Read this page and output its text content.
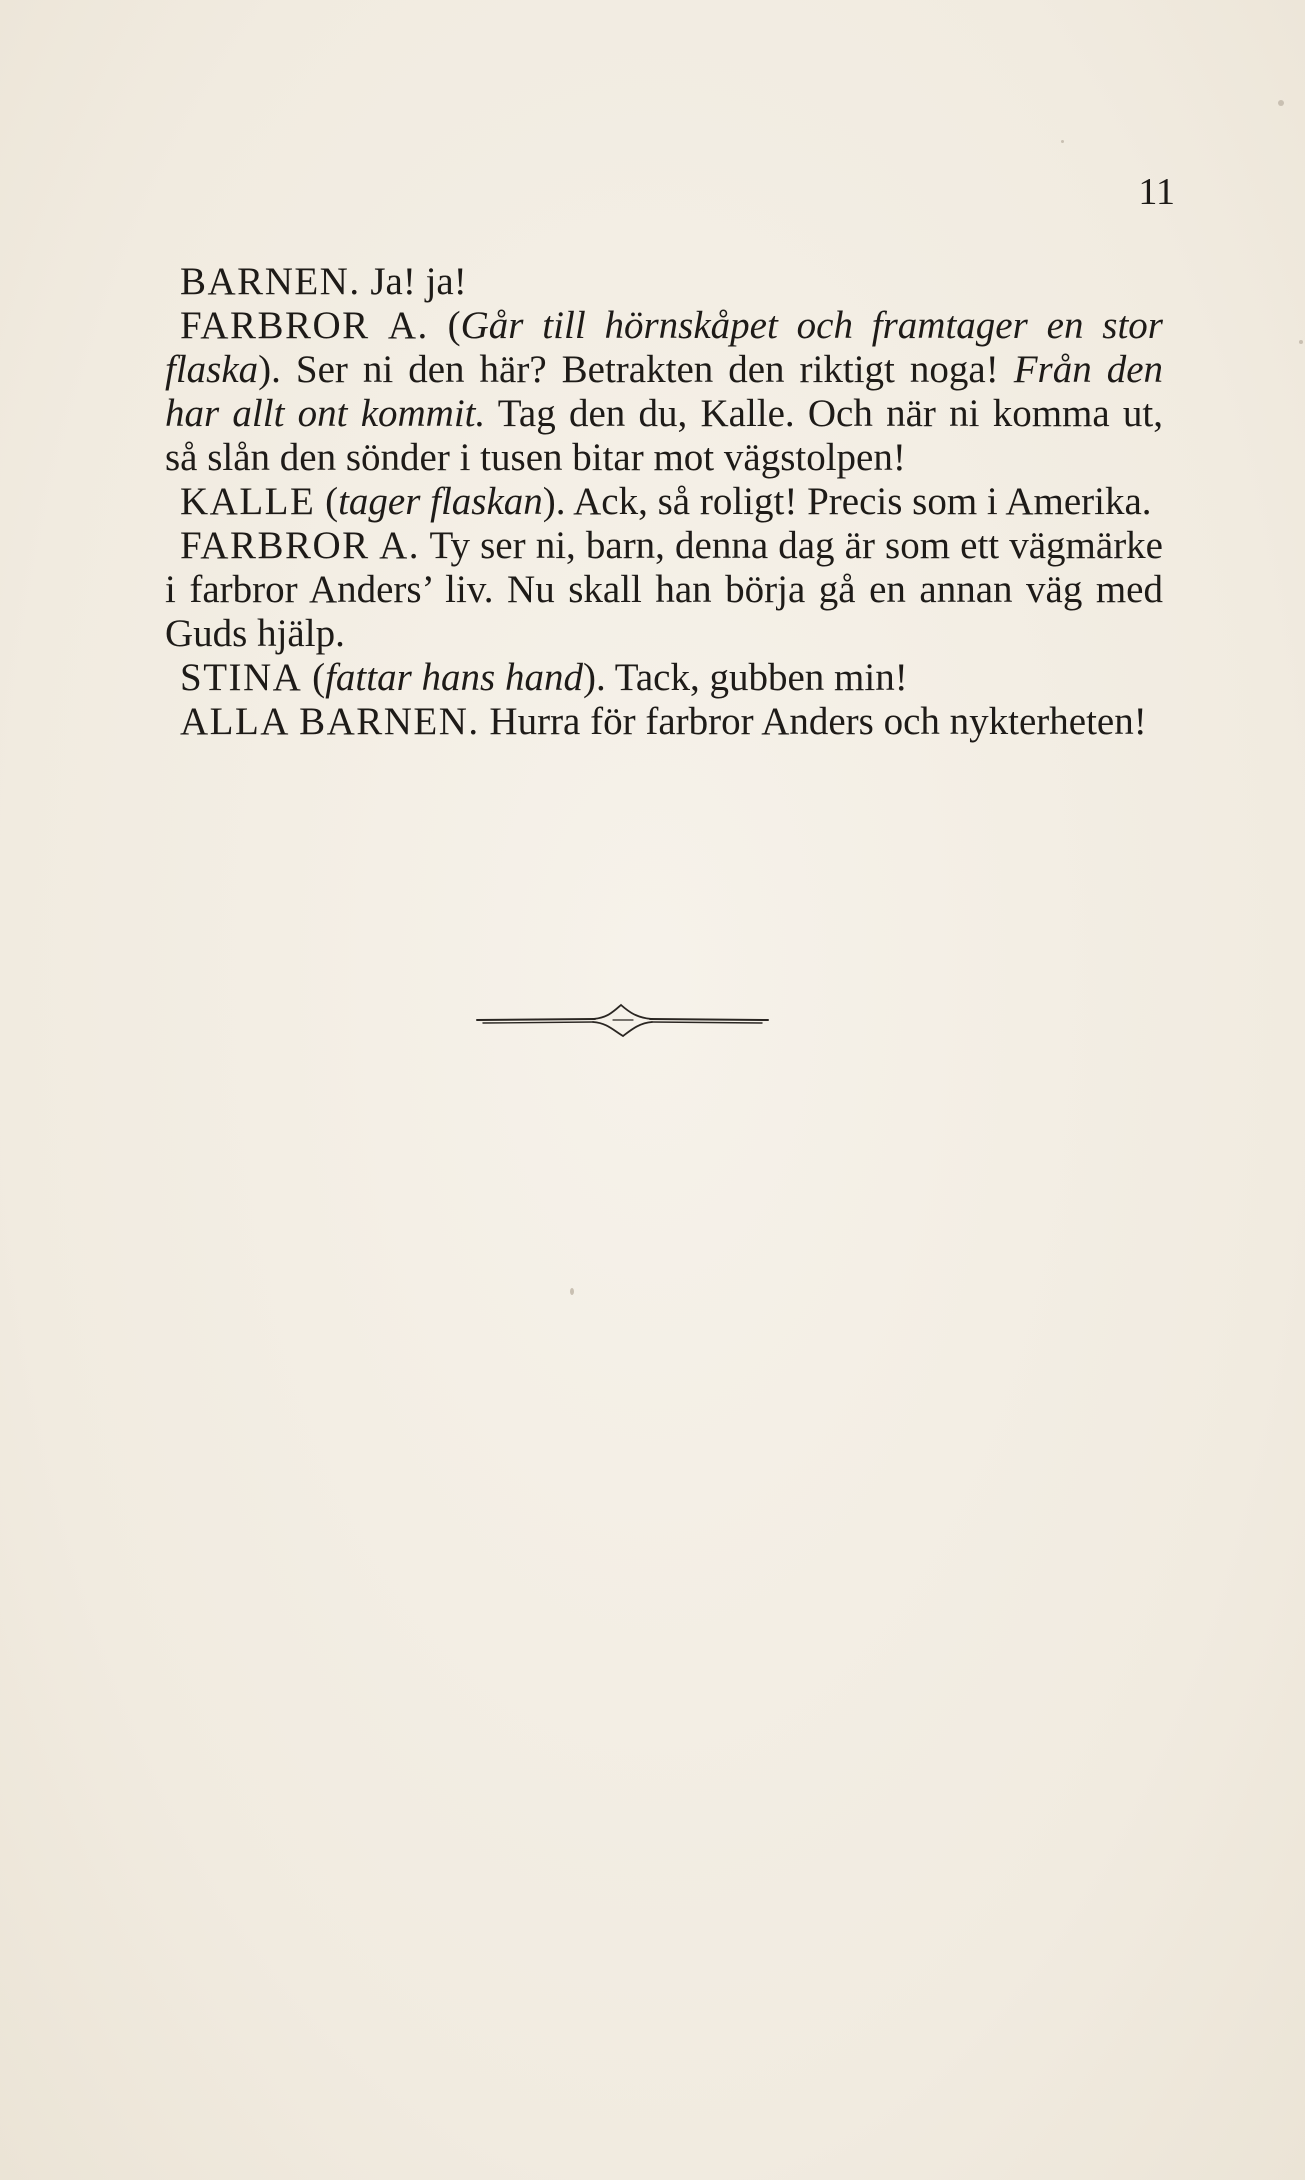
11

BARNEN. Ja! ja!

FARBROR A. (Går till hörnskåpet och framtager en stor flaska). Ser ni den här? Betrakten den riktigt noga! Från den har allt ont kommit. Tag den du, Kalle. Och när ni komma ut, så slån den sönder i tusen bitar mot vägstolpen!

KALLE (tager flaskan). Ack, så roligt! Precis som i Amerika.

FARBROR A. Ty ser ni, barn, denna dag är som ett vägmärke i farbror Anders’ liv. Nu skall han börja gå en annan väg med Guds hjälp.

STINA (fattar hans hand). Tack, gubben min!

ALLA BARNEN. Hurra för farbror Anders och nykterheten!
